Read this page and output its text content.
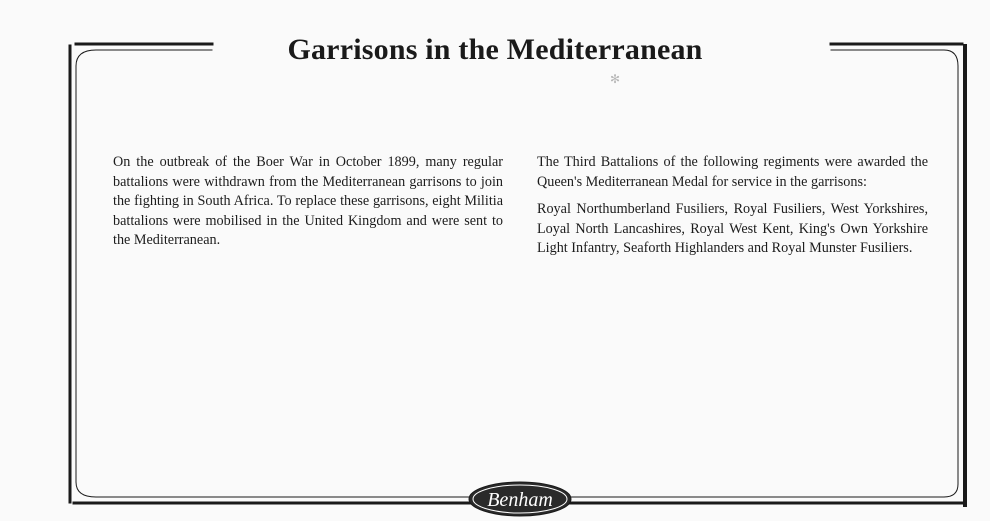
Garrisons in the Mediterranean
✻

On the outbreak of the Boer War in October 1899, many regular battalions were withdrawn from the Mediterranean garrisons to join the fighting in South Africa. To replace these garrisons, eight Militia battalions were mobilised in the United Kingdom and were sent to the Mediterranean.

The Third Battalions of the following regiments were awarded the Queen's Mediterranean Medal for service in the garrisons:

Royal Northumberland Fusiliers, Royal Fusiliers, West Yorkshires, Loyal North Lancashires, Royal West Kent, King's Own Yorkshire Light Infantry, Seaforth Highlanders and Royal Munster Fusiliers.

Benham
